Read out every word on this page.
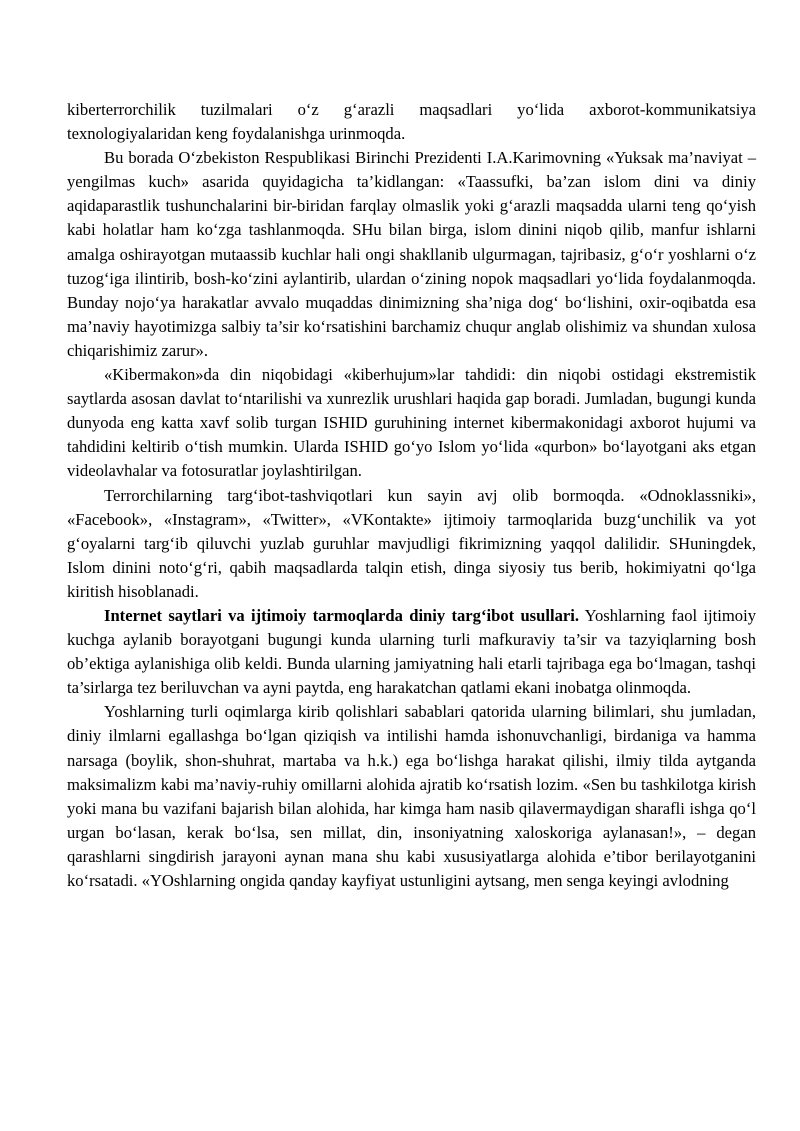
kiberterrorchilik tuzilmalari o‘z g‘arazli maqsadlari yo‘lida axborot-kommunikatsiya texnologiyalaridan keng foydalanishga urinmoqda.

Bu borada O‘zbekiston Respublikasi Birinchi Prezidenti I.A.Karimovning «Yuksak ma’naviyat – yengilmas kuch» asarida quyidagicha ta’kidlangan: «Taassufki, ba’zan islom dini va diniy aqidaparastlik tushunchalarini bir-biridan farqlay olmaslik yoki g‘arazli maqsadda ularni teng qo‘yish kabi holatlar ham ko‘zga tashlanmoqda. SHu bilan birga, islom dinini niqob qilib, manfur ishlarni amalga oshirayotgan mutaassib kuchlar hali ongi shakllanib ulgurmagan, tajribasiz, g‘o‘r yoshlarni o‘z tuzog‘iga ilintirib, bosh-ko‘zini aylantirib, ulardan o‘zining nopok maqsadlari yo‘lida foydalanmoqda. Bunday nojo‘ya harakatlar avvalo muqaddas dinimizning sha’niga dog‘ bo‘lishini, oxir-oqibatda esa ma’naviy hayotimizga salbiy ta’sir ko‘rsatishini barchamiz chuqur anglab olishimiz va shundan xulosa chiqarishimiz zarur».

«Kibermakon»da din niqobidagi «kiberhujum»lar tahdidi: din niqobi ostidagi ekstremistik saytlarda asosan davlat to‘ntarilishi va xunrezlik urushlari haqida gap boradi. Jumladan, bugungi kunda dunyoda eng katta xavf solib turgan ISHID guruhining internet kibermakonidagi axborot hujumi va tahdidini keltirib o‘tish mumkin. Ularda ISHID go‘yo Islom yo‘lida «qurbon» bo‘layotgani aks etgan videolavhalar va fotosuratlar joylashtirilgan.

Terrorchilarning targ‘ibot-tashviqotlari kun sayin avj olib bormoqda. «Odnoklassniki», «Facebook», «Instagram», «Twitter», «VKontakte» ijtimoiy tarmoqlarida buzg‘unchilik va yot g‘oyalarni targ‘ib qiluvchi yuzlab guruhlar mavjudligi fikrimizning yaqqol dalilidir. SHuningdek, Islom dinini noto‘g‘ri, qabih maqsadlarda talqin etish, dinga siyosiy tus berib, hokimiyatni qo‘lga kiritish hisoblanadi.

Internet saytlari va ijtimoiy tarmoqlarda diniy targ‘ibot usullari. Yoshlarning faol ijtimoiy kuchga aylanib borayotgani bugungi kunda ularning turli mafkuraviy ta’sir va tazyiqlarning bosh ob’ektiga aylanishiga olib keldi. Bunda ularning jamiyatning hali etarli tajribaga ega bo‘lmagan, tashqi ta’sirlarga tez beriluvchan va ayni paytda, eng harakatchan qatlami ekani inobatga olinmoqda.

Yoshlarning turli oqimlarga kirib qolishlari sabablari qatorida ularning bilimlari, shu jumladan, diniy ilmlarni egallashga bo‘lgan qiziqish va intilishi hamda ishonuvchanligi, birdaniga va hamma narsaga (boylik, shon-shuhrat, martaba va h.k.) ega bo‘lishga harakat qilishi, ilmiy tilda aytganda maksimalizm kabi ma’naviy-ruhiy omillarni alohida ajratib ko‘rsatish lozim. «Sen bu tashkilotga kirish yoki mana bu vazifani bajarish bilan alohida, har kimga ham nasib qilavermaydigan sharafli ishga qo‘l urgan bo‘lasan, kerak bo‘lsa, sen millat, din, insoniyatning xaloskoriga aylanasan!», – degan qarashlarni singdirish jarayoni aynan mana shu kabi xususiyatlarga alohida e’tibor berilayotganini ko‘rsatadi. «YOshlarning ongida qanday kayfiyat ustunligini aytsang, men senga keyingi avlodning
